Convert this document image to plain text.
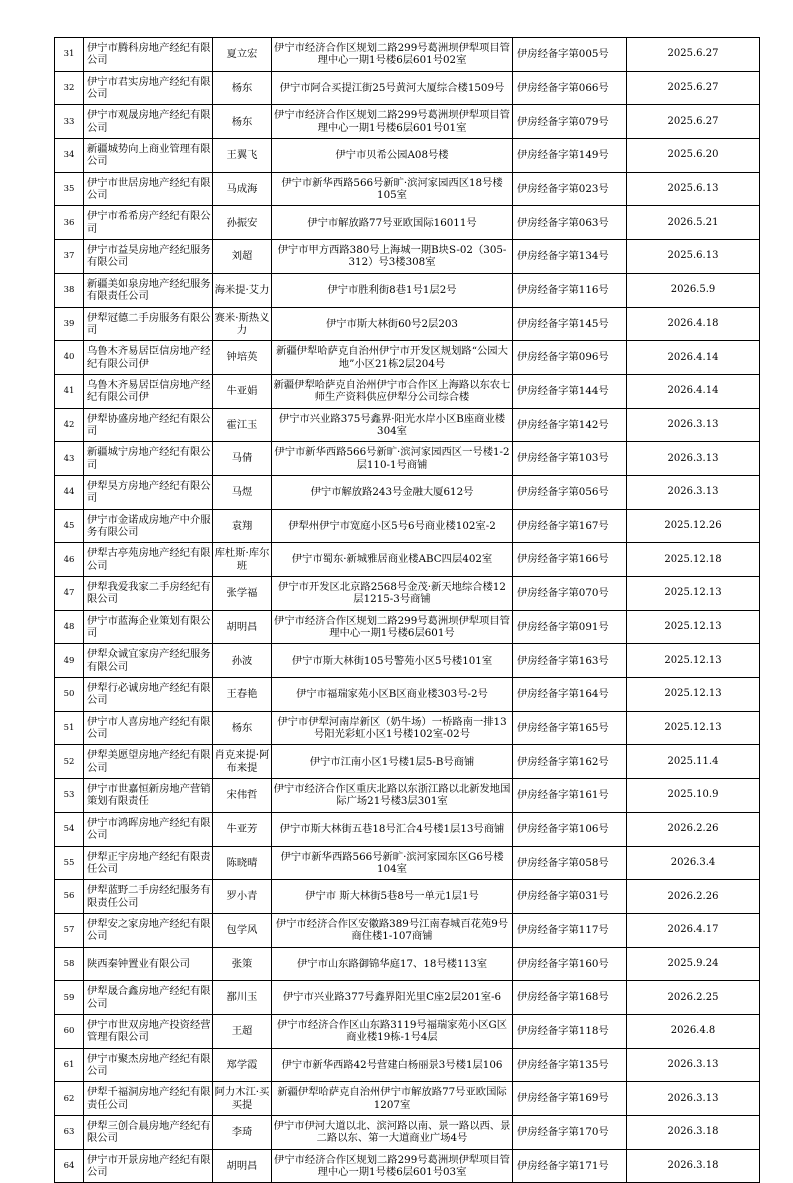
31	伊宁市腾科房地产经纪有限公司	夏立宏	伊宁市经济合作区规划二路299号葛洲坝伊犁项目管理中心一期1号楼6层601号02室	伊房经备字第005号	2025.6.27

32	伊宁市君实房地产经纪有限公司	杨东	伊宁市阿合买提江街25号黄河大厦综合楼1509号	伊房经备字第066号	2025.6.27

33	伊宁市观晟房地产经纪有限公司	杨东	伊宁市经济合作区规划二路299号葛洲坝伊犁项目管理中心一期1号楼6层601号01室	伊房经备字第079号	2025.6.27

34	新疆城势向上商业管理有限公司	王翼飞	伊宁市贝希公园A08号楼	伊房经备字第149号	2025.6.20

35	伊宁市世居房地产经纪有限公司	马成海	伊宁市新华西路566号新旷·滨河家园西区18号楼105室	伊房经备字第023号	2025.6.13

36	伊宁市希希房产经纪有限公司	孙振安	伊宁市解放路77号亚欧国际16011号	伊房经备字第063号	2026.5.21

37	伊宁市益昊房地产经纪服务有限公司	刘超	伊宁市甲方西路380号上海城一期B块S-02（305-312）号3楼308室	伊房经备字第134号	2025.6.13

38	新疆美如泉房地产经纪服务有限责任公司	海米提·艾力	伊宁市胜利街8巷1号1层2号	伊房经备字第116号	2026.5.9

39	伊犁冠德二手房服务有限公司	赛米·斯热义力	伊宁市斯大林街60号2层203	伊房经备字第145号	2026.4.18

40	乌鲁木齐易居臣信房地产经纪有限公司伊	钟培英	新疆伊犁哈萨克自治州伊宁市开发区规划路“公园大地”小区21栋2层204号	伊房经备字第096号	2026.4.14

41	乌鲁木齐易居臣信房地产经纪有限公司伊	牛亚娟	新疆伊犁哈萨克自治州伊宁市合作区上海路以东农七师生产资料供应伊犁分公司综合楼	伊房经备字第144号	2026.4.14

42	伊犁协盛房地产经纪有限公司	霍江玉	伊宁市兴业路375号鑫界·阳光水岸小区B座商业楼304室	伊房经备字第142号	2026.3.13

43	新疆城宁房地产经纪有限公司	马倩	伊宁市新华西路566号新旷·滨河家园西区一号楼1-2层110-1号商铺	伊房经备字第103号	2026.3.13

44	伊犁昊方房地产经纪有限公司	马煜	伊宁市解放路243号金融大厦612号	伊房经备字第056号	2026.3.13

45	伊宁市金诺成房地产中介服务有限公司	袁翔	伊犁州伊宁市宽庭小区5号6号商业楼102室-2	伊房经备字第167号	2025.12.26

46	伊犁古亭苑房地产经纪有限公司	库杜斯·库尔班	伊宁市蜀东·新城雅居商业楼ABC四层402室	伊房经备字第166号	2025.12.18

47	伊犁我爱我家二手房经纪有限公司	张学福	伊宁市开发区北京路2568号金茂·新天地综合楼12层1215-3号商铺	伊房经备字第070号	2025.12.13

48	伊宁市蓝海企业策划有限公司	胡明昌	伊宁市经济合作区规划二路299号葛洲坝伊犁项目管理中心一期1号楼6层601号	伊房经备字第091号	2025.12.13

49	伊犁众诚宜家房产经纪服务有限公司	孙波	伊宁市斯大林街105号警苑小区5号楼101室	伊房经备字第163号	2025.12.13

50	伊犁行必诚房地产经纪有限公司	王春艳	伊宁市福瑞家苑小区B区商业楼303号-2号	伊房经备字第164号	2025.12.13

51	伊宁市人喜房地产经纪有限公司	杨东	伊宁市伊犁河南岸新区（奶牛场）一桥路南一排13号阳光彩虹小区1号楼102室-02号	伊房经备字第165号	2025.12.13

52	伊犁美愿望房地产经纪有限公司	肖克来提·阿布来提	伊宁市江南小区1号楼1层5-B号商铺	伊房经备字第162号	2025.11.4

53	伊宁市世嘉恒新房地产营销策划有限责任	宋伟哲	伊宁市经济合作区重庆北路以东浙江路以北新发地国际广场21号楼3层301室	伊房经备字第161号	2025.10.9

54	伊宁市鸿晖房地产经纪有限公司	牛亚芳	伊宁市斯大林街五巷18号汇合4号楼1层13号商铺	伊房经备字第106号	2026.2.26

55	伊犁正宇房地产经纪有限责任公司	陈晓晴	伊宁市新华西路566号新旷·滨河家园东区G6号楼104室	伊房经备字第058号	2026.3.4

56	伊犁蓝野二手房经纪服务有限责任公司	罗小青	伊宁市 斯大林街5巷8号一单元1层1号	伊房经备字第031号	2026.2.26

57	伊犁安之家房地产经纪有限公司	包学风	伊宁市经济合作区安徽路389号江南春城百花苑9号商住楼1-107商铺	伊房经备字第117号	2026.4.17

58	陕西秦钟置业有限公司	张策	伊宁市山东路御锦华庭17、18号楼113室	伊房经备字第160号	2025.9.24

59	伊犁晟合鑫房地产经纪有限公司	鄯川玉	伊宁市兴业路377号鑫界阳光里C座2层201室-6	伊房经备字第168号	2026.2.25

60	伊宁市世双房地产投资经营管理有限公司	王超	伊宁市经济合作区山东路3119号福瑞家苑小区G区商业楼19栋-1号4层	伊房经备字第118号	2026.4.8

61	伊宁市聚杰房地产经纪有限公司	郑学霞	伊宁市新华西路42号营建白杨丽景3号楼1层106	伊房经备字第135号	2026.3.13

62	伊犁千福洞房地产经纪有限责任公司	阿力木江·买买提	新疆伊犁哈萨克自治州伊宁市解放路77号亚欧国际1207室	伊房经备字第169号	2026.3.13

63	伊犁三创合晨房地产经纪有限公司	李琦	伊宁市伊河大道以北、滨河路以南、景一路以西、景二路以东、第一大道商业广场4号	伊房经备字第170号	2026.3.18

64	伊宁市开景房地产经纪有限公司	胡明昌	伊宁市经济合作区规划二路299号葛洲坝伊犁项目管理中心一期1号楼6层601号03室	伊房经备字第171号	2026.3.18
